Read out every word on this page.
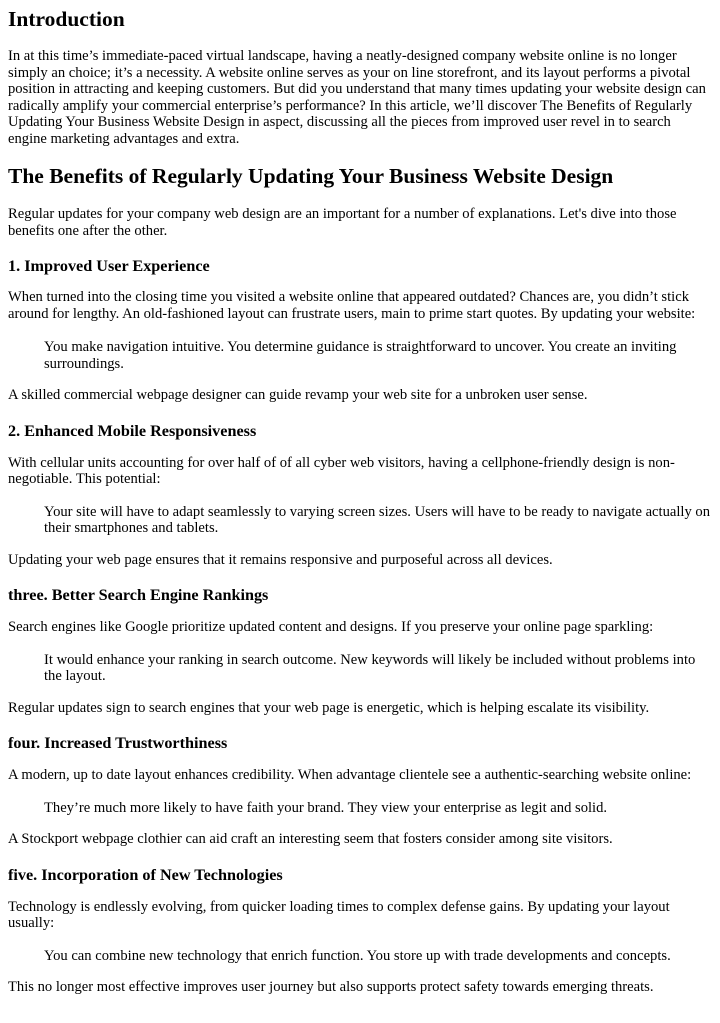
Introduction

In at this time’s immediate-paced virtual landscape, having a neatly-designed company website online is no longer simply an choice; it’s a necessity. A website online serves as your on line storefront, and its layout performs a pivotal position in attracting and keeping customers. But did you understand that many times updating your website design can radically amplify your commercial enterprise’s performance? In this article, we’ll discover The Benefits of Regularly Updating Your Business Website Design in aspect, discussing all the pieces from improved user revel in to search engine marketing advantages and extra.

The Benefits of Regularly Updating Your Business Website Design

Regular updates for your company web design are an important for a number of explanations. Let's dive into those benefits one after the other.

1. Improved User Experience

When turned into the closing time you visited a website online that appeared outdated? Chances are, you didn’t stick around for lengthy. An old-fashioned layout can frustrate users, main to prime start quotes. By updating your website:

You make navigation intuitive. You determine guidance is straightforward to uncover. You create an inviting surroundings.

A skilled commercial webpage designer can guide revamp your web site for a unbroken user sense.

2. Enhanced Mobile Responsiveness

With cellular units accounting for over half of of all cyber web visitors, having a cellphone-friendly design is non-negotiable. This potential:

Your site will have to adapt seamlessly to varying screen sizes. Users will have to be ready to navigate actually on their smartphones and tablets.

Updating your web page ensures that it remains responsive and purposeful across all devices.

three. Better Search Engine Rankings

Search engines like Google prioritize updated content and designs. If you preserve your online page sparkling:

It would enhance your ranking in search outcome. New keywords will likely be included without problems into the layout.

Regular updates sign to search engines that your web page is energetic, which is helping escalate its visibility.

four. Increased Trustworthiness

A modern, up to date layout enhances credibility. When advantage clientele see a authentic-searching website online:

They’re much more likely to have faith your brand. They view your enterprise as legit and solid.

A Stockport webpage clothier can aid craft an interesting seem that fosters consider among site visitors.

five. Incorporation of New Technologies

Technology is endlessly evolving, from quicker loading times to complex defense gains. By updating your layout usually:

You can combine new technology that enrich function. You store up with trade developments and concepts.

This no longer most effective improves user journey but also supports protect safety towards emerging threats.
